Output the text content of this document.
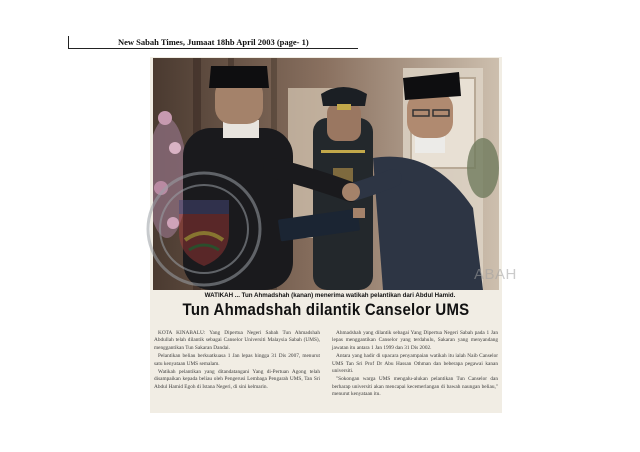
New Sabah Times, Jumaat 18hb April 2003 (page- 1)
ABAH
WATIKAH ... Tun Ahmadshah (kanan) menerima watikah pelantikan dari Abdul Hamid.
Tun Ahmadshah dilantik Canselor UMS

KOTA KINABALU: Yang Dipertua Negeri Sabah Tun Ahmadshah Abdullah telah dilantik sebagai Canselor Universiti Malaysia Sabah (UMS), menggantikan Tun Sakaran Dandai.

Pelantikan beliau berkuatkuasa 1 Jan lepas hingga 31 Dis 2007, menurut satu kenyataan UMS semalam.

Watikah pelantikan yang ditandatangani Yang di-Pertuan Agong telah disampaikan kepada beliau oleh Pengerusi Lembaga Pengarah UMS, Tan Sri Abdul Hamid Egoh di Istana Negeri, di sini kelmarin.

Ahmadshah yang dilantik sebagai Yang Dipertua Negeri Sabah pada 1 Jan lepas menggantikan Canselor yang terdahulu, Sakaran yang menyandang jawatan itu antara 1 Jan 1999 dan 31 Dis 2002.

Antara yang hadir di upacara penyampaian watikah itu ialah Naib Canselor UMS Tan Sri Prof Dr Abu Hassan Othman dan beberapa pegawai kanan universiti.

"Sokongan warga UMS mengalu-alukan pelantikan Tun Canselor dan berharap universiti akan mencapai kecemerlangan di bawah naungan beliau," menurut kenyataan itu.
